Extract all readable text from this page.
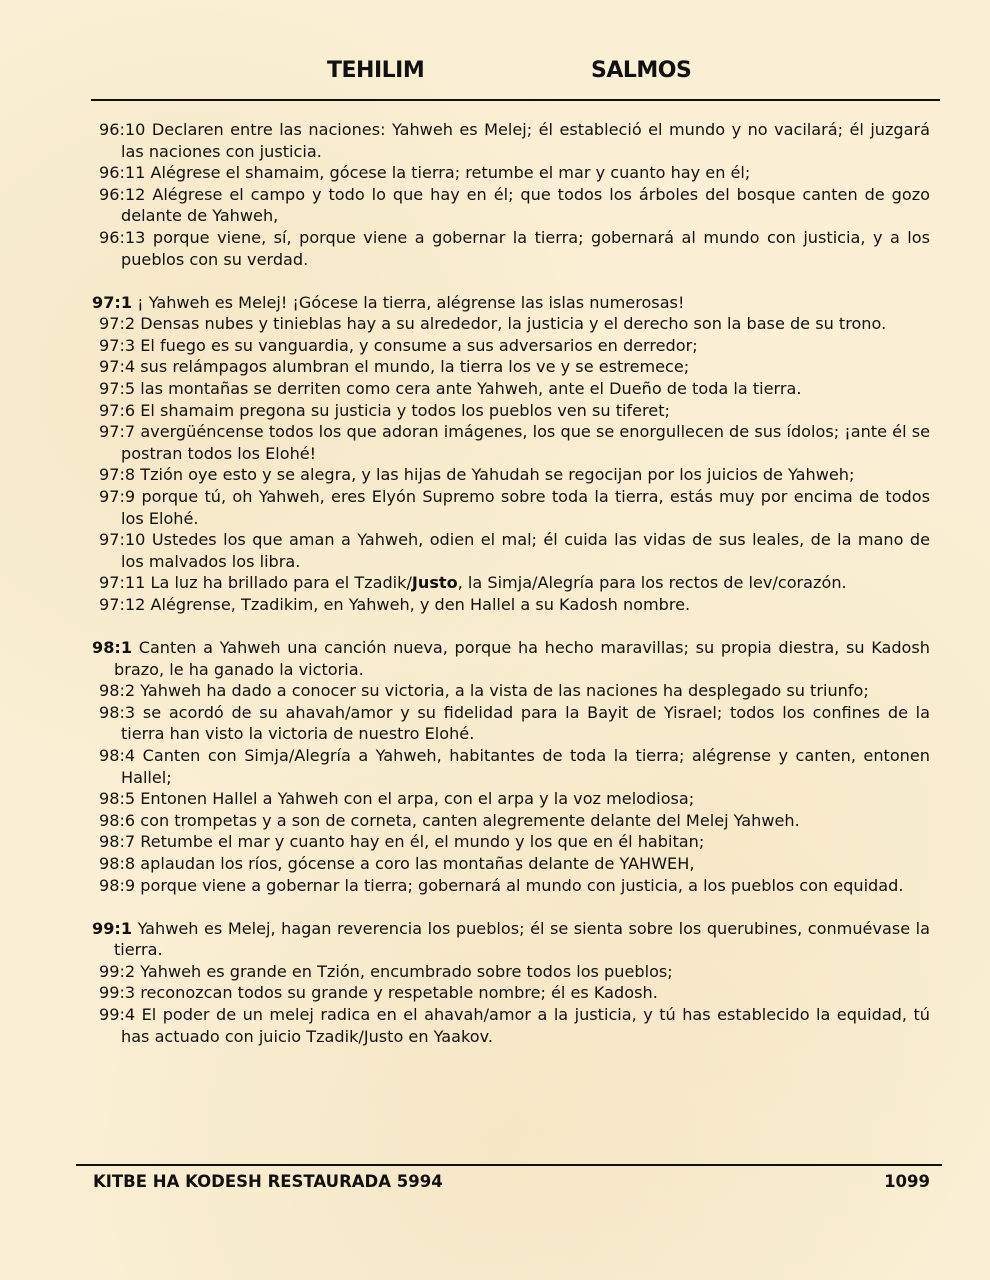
TEHILIM	SALMOS

96:10 Declaren entre las naciones: Yahweh es Melej; él estableció el mundo y no vacilará; él juzgará las naciones con justicia.

96:11 Alégrese el shamaim, gócese la tierra; retumbe el mar y cuanto hay en él;

96:12 Alégrese el campo y todo lo que hay en él; que todos los árboles del bosque canten de gozo delante de Yahweh,

96:13 porque viene, sí, porque viene a gobernar la tierra; gobernará al mundo con justicia, y a los pueblos con su verdad.

97:1 ¡ Yahweh es Melej! ¡Gócese la tierra, alégrense las islas numerosas!

97:2 Densas nubes y tinieblas hay a su alrededor, la justicia y el derecho son la base de su trono.

97:3 El fuego es su vanguardia, y consume a sus adversarios en derredor;

97:4 sus relámpagos alumbran el mundo, la tierra los ve y se estremece;

97:5 las montañas se derriten como cera ante Yahweh, ante el Dueño de toda la tierra.

97:6 El shamaim pregona su justicia y todos los pueblos ven su tiferet;

97:7 avergüéncense todos los que adoran imágenes, los que se enorgullecen de sus ídolos; ¡ante él se postran todos los Elohé!

97:8 Tzión oye esto y se alegra, y las hijas de Yahudah se regocijan por los juicios de Yahweh;

97:9 porque tú, oh Yahweh, eres Elyón Supremo sobre toda la tierra, estás muy por encima de todos los Elohé.

97:10 Ustedes los que aman a Yahweh, odien el mal; él cuida las vidas de sus leales, de la mano de los malvados los libra.

97:11 La luz ha brillado para el Tzadik/Justo, la Simja/Alegría para los rectos de lev/corazón.

97:12 Alégrense, Tzadikim, en Yahweh, y den Hallel a su Kadosh nombre.

98:1 Canten a Yahweh una canción nueva, porque ha hecho maravillas; su propia diestra, su Kadosh brazo, le ha ganado la victoria.

98:2 Yahweh ha dado a conocer su victoria, a la vista de las naciones ha desplegado su triunfo;

98:3 se acordó de su ahavah/amor y su fidelidad para la Bayit de Yisrael; todos los confines de la tierra han visto la victoria de nuestro Elohé.

98:4 Canten con Simja/Alegría a Yahweh, habitantes de toda la tierra; alégrense y canten, entonen Hallel;

98:5 Entonen Hallel a Yahweh con el arpa, con el arpa y la voz melodiosa;

98:6 con trompetas y a son de corneta, canten alegremente delante del Melej Yahweh.

98:7 Retumbe el mar y cuanto hay en él, el mundo y los que en él habitan;

98:8 aplaudan los ríos, gócense a coro las montañas delante de YAHWEH,

98:9 porque viene a gobernar la tierra; gobernará al mundo con justicia, a los pueblos con equidad.

99:1 Yahweh es Melej, hagan reverencia los pueblos; él se sienta sobre los querubines, conmuévase la tierra.

99:2 Yahweh es grande en Tzión, encumbrado sobre todos los pueblos;

99:3 reconozcan todos su grande y respetable nombre; él es Kadosh.

99:4 El poder de un melej radica en el ahavah/amor a la justicia, y tú has establecido la equidad, tú has actuado con juicio Tzadik/Justo en Yaakov.

KITBE HA KODESH RESTAURADA 5994	1099
